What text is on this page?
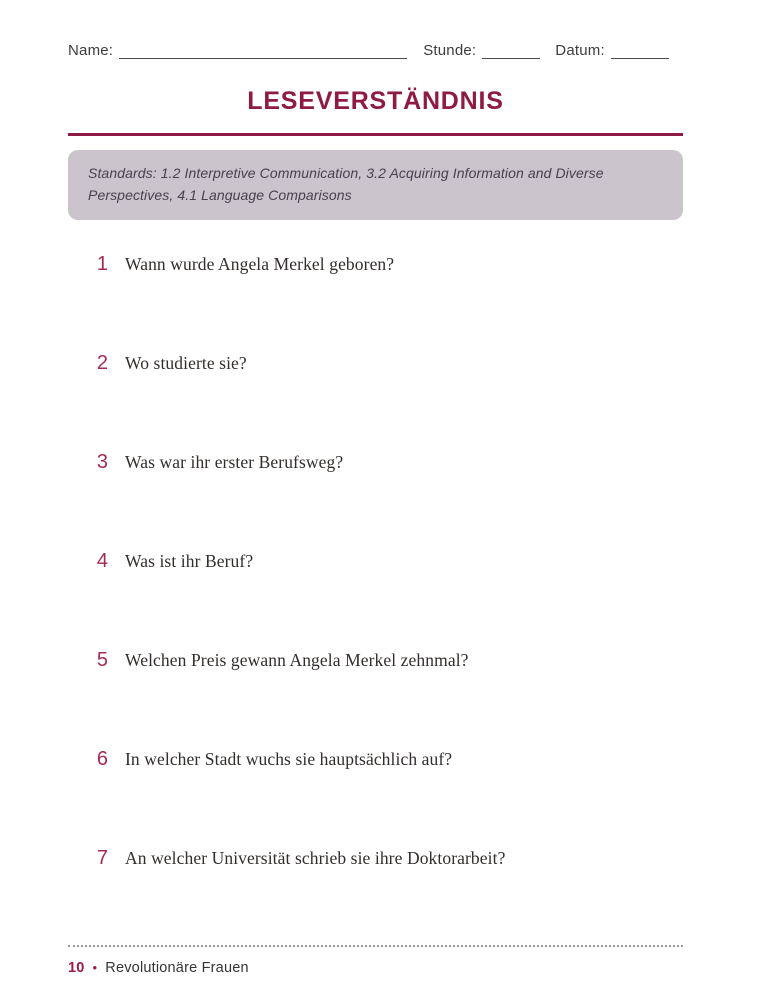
Name:	Stunde:	Datum:
LESEVERSTÄNDNIS
Standards: 1.2 Interpretive Communication, 3.2 Acquiring Information and Diverse Perspectives, 4.1 Language Comparisons
1 Wann wurde Angela Merkel geboren?
2 Wo studierte sie?
3 Was war ihr erster Berufsweg?
4 Was ist ihr Beruf?
5 Welchen Preis gewann Angela Merkel zehnmal?
6 In welcher Stadt wuchs sie hauptsächlich auf?
7 An welcher Universität schrieb sie ihre Doktorarbeit?
10 • Revolutionäre Frauen
